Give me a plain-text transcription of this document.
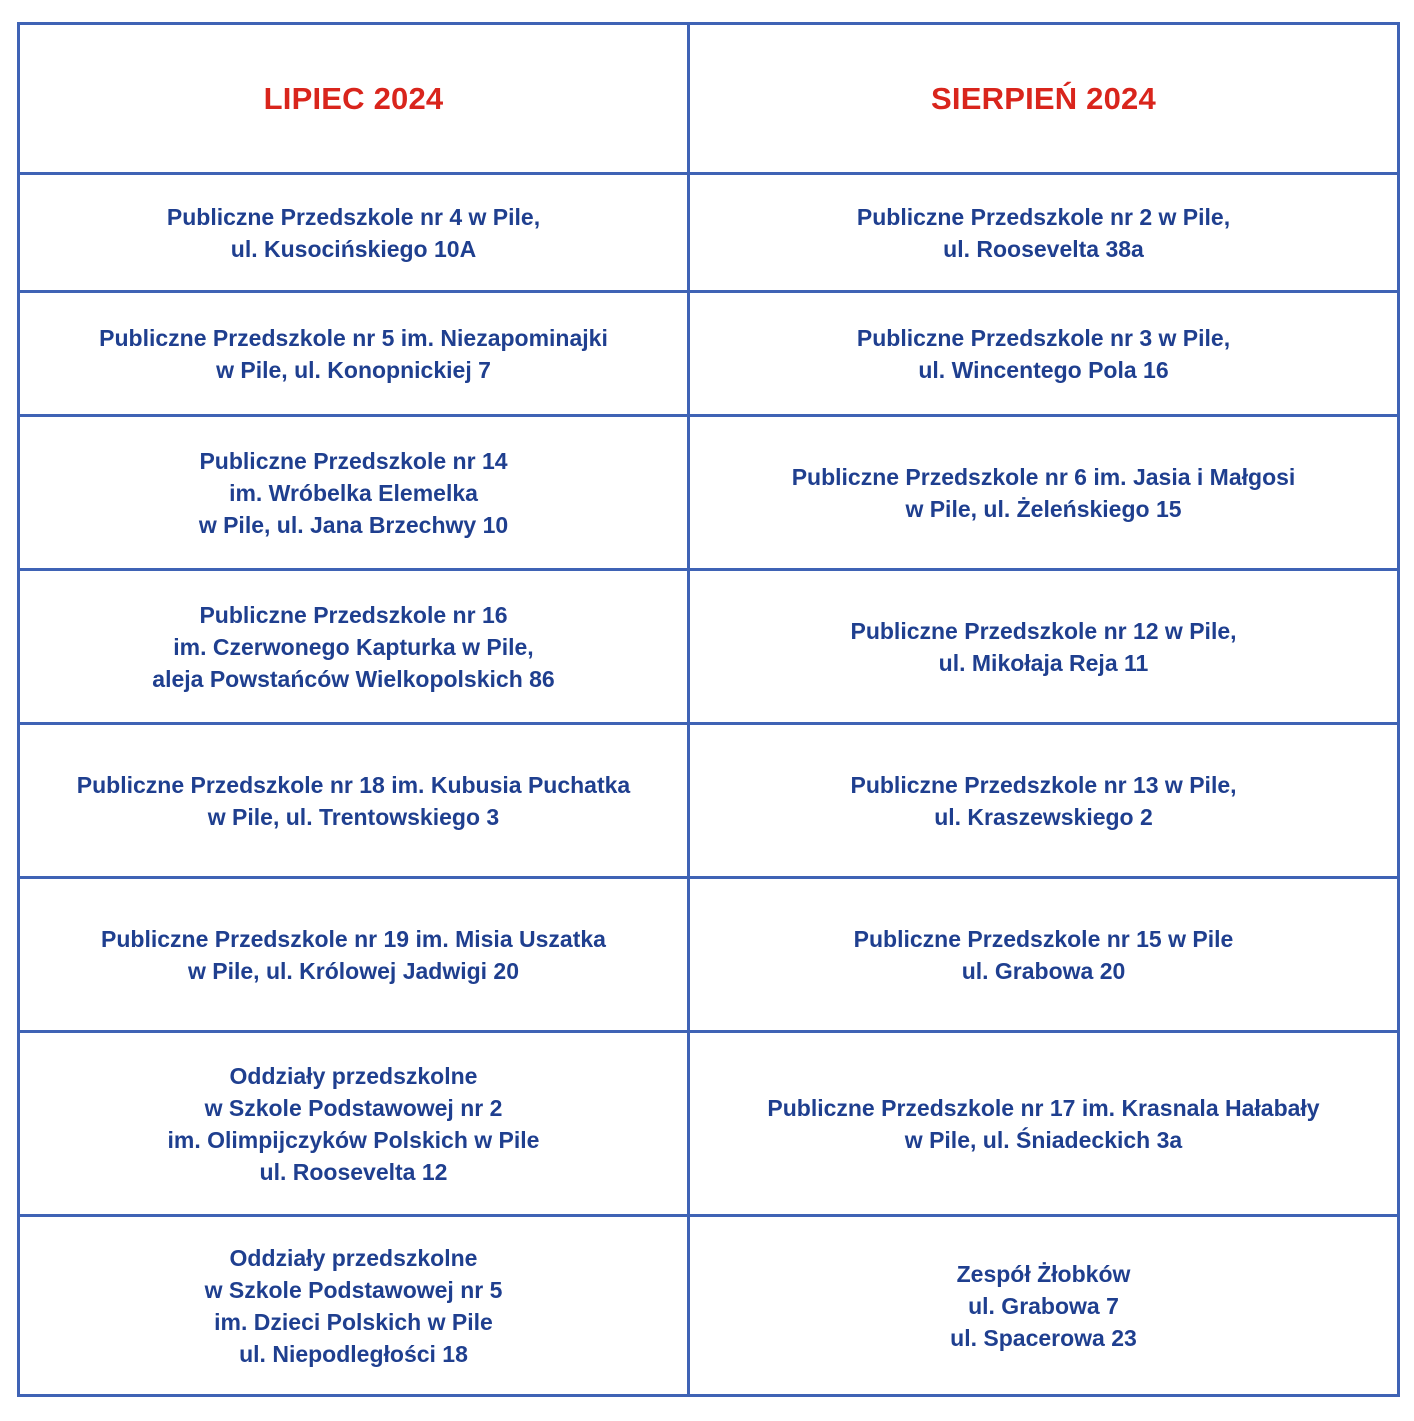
LIPIEC 2024	SIERPIEŃ 2024

Publiczne Przedszkole nr 4 w Pile,
ul. Kusocińskiego 10A	Publiczne Przedszkole nr 2 w Pile,
ul. Roosevelta 38a

Publiczne Przedszkole nr 5 im. Niezapominajki
w Pile, ul. Konopnickiej 7	Publiczne Przedszkole nr 3 w Pile,
ul. Wincentego Pola 16

Publiczne Przedszkole nr 14
im. Wróbelka Elemelka
w Pile, ul. Jana Brzechwy 10	Publiczne Przedszkole nr 6 im. Jasia i Małgosi
w Pile, ul. Żeleńskiego 15

Publiczne Przedszkole nr 16
im. Czerwonego Kapturka w Pile,
aleja Powstańców Wielkopolskich 86	Publiczne Przedszkole nr 12 w Pile,
ul. Mikołaja Reja 11

Publiczne Przedszkole nr 18 im. Kubusia Puchatka
w Pile, ul. Trentowskiego 3	Publiczne Przedszkole nr 13 w Pile,
ul. Kraszewskiego 2

Publiczne Przedszkole nr 19 im. Misia Uszatka
w Pile, ul. Królowej Jadwigi 20	Publiczne Przedszkole nr 15 w Pile
ul. Grabowa 20

Oddziały przedszkolne
w Szkole Podstawowej nr 2
im. Olimpijczyków Polskich w Pile
ul. Roosevelta 12	Publiczne Przedszkole nr 17 im. Krasnala Hałabały
w Pile, ul. Śniadeckich 3a

Oddziały przedszkolne
w Szkole Podstawowej nr 5
im. Dzieci Polskich w Pile
ul. Niepodległości 18	Zespół Żłobków
ul. Grabowa 7
ul. Spacerowa 23
